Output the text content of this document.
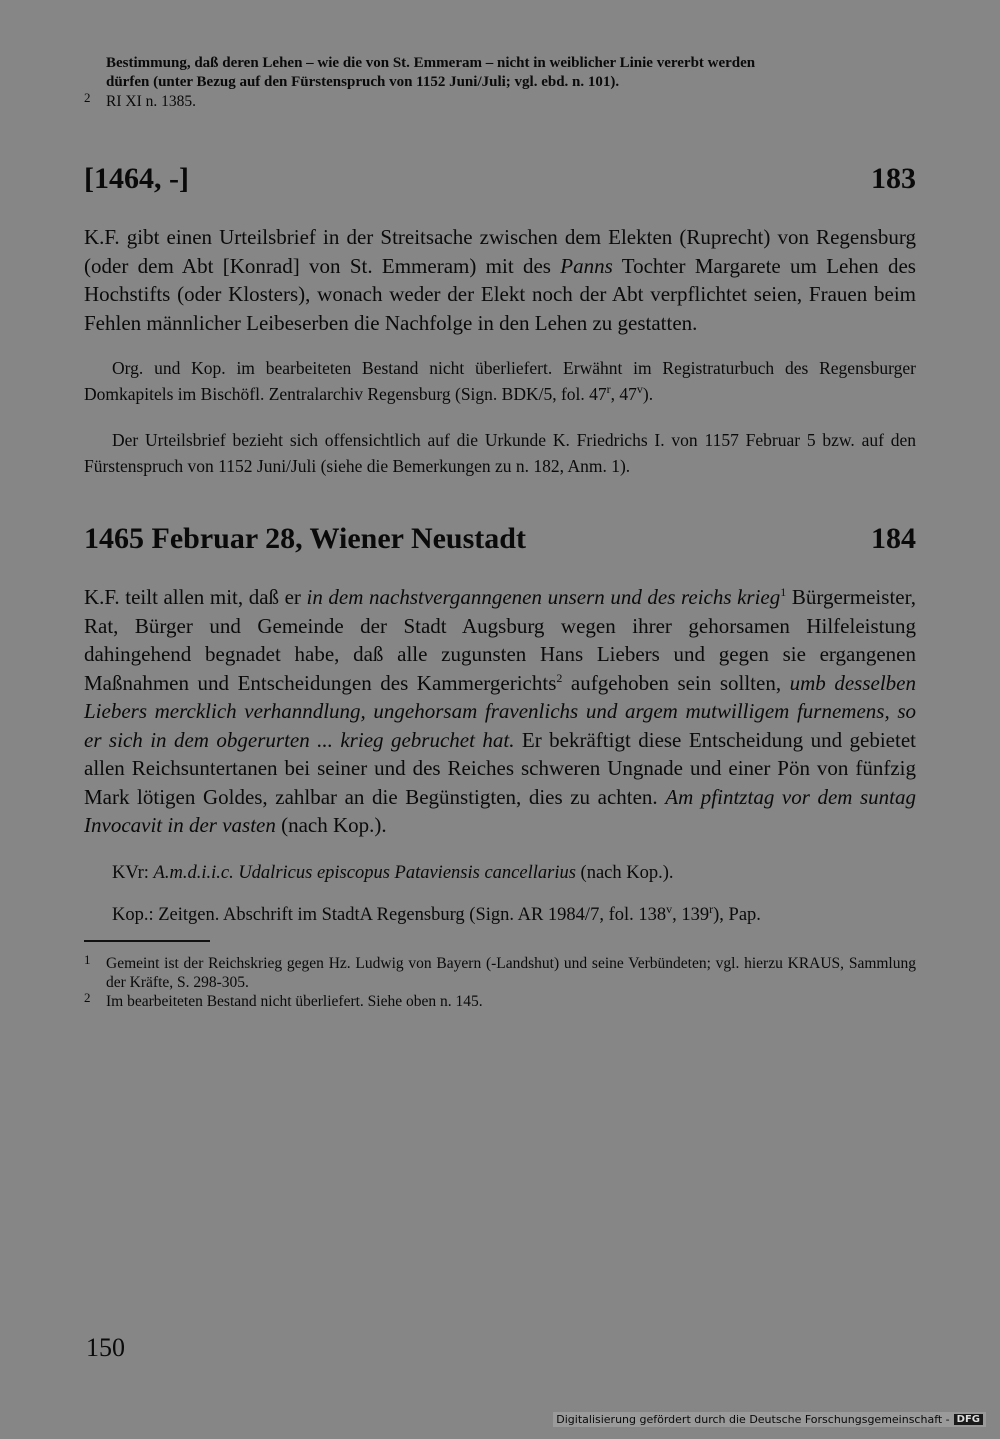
Bestimmung, daß deren Lehen – wie die von St. Emmeram – nicht in weiblicher Linie vererbt werden
dürfen (unter Bezug auf den Fürstenspruch von 1152 Juni/Juli; vgl. ebd. n. 101).
2 RI XI n. 1385.
[1464, -]	183

K.F. gibt einen Urteilsbrief in der Streitsache zwischen dem Elekten (Ruprecht) von Regensburg (oder dem Abt [Konrad] von St. Emmeram) mit des Panns Tochter Margarete um Lehen des Hochstifts (oder Klosters), wonach weder der Elekt noch der Abt verpflichtet seien, Frauen beim Fehlen männlicher Leibeserben die Nachfolge in den Lehen zu gestatten.

Org. und Kop. im bearbeiteten Bestand nicht überliefert. Erwähnt im Registraturbuch des Regensburger Domkapitels im Bischöfl. Zentralarchiv Regensburg (Sign. BDK/5, fol. 47$^r$, 47$^v$).

Der Urteilsbrief bezieht sich offensichtlich auf die Urkunde K. Friedrichs I. von 1157 Februar 5 bzw. auf den Fürstenspruch von 1152 Juni/Juli (siehe die Bemerkungen zu n. 182, Anm. 1).

1465 Februar 28, Wiener Neustadt	184

K.F. teilt allen mit, daß er in dem nachstverganngenen unsern und des reichs krieg$^1$ Bürgermeister, Rat, Bürger und Gemeinde der Stadt Augsburg wegen ihrer gehorsamen Hilfeleistung dahingehend begnadet habe, daß alle zugunsten Hans Liebers und gegen sie ergangenen Maßnahmen und Entscheidungen des Kammergerichts$^2$ aufgehoben sein sollten, umb desselben Liebers mercklich verhanndlung, ungehorsam fravenlichs und argem mutwilligem furnemens, so er sich in dem obgerurten ... krieg gebruchet hat. Er bekräftigt diese Entscheidung und gebietet allen Reichsuntertanen bei seiner und des Reiches schweren Ungnade und einer Pön von fünfzig Mark lötigen Goldes, zahlbar an die Begünstigten, dies zu achten. Am pfintztag vor dem suntag Invocavit in der vasten (nach Kop.).

KVr: A.m.d.i.i.c. Udalricus episcopus Pataviensis cancellarius (nach Kop.).

Kop.: Zeitgen. Abschrift im StadtA Regensburg (Sign. AR 1984/7, fol. 138$^v$, 139$^r$), Pap.

1 Gemeint ist der Reichskrieg gegen Hz. Ludwig von Bayern (-Landshut) und seine Verbündeten; vgl. hierzu KRAUS, Sammlung der Kräfte, S. 298-305.
2 Im bearbeiteten Bestand nicht überliefert. Siehe oben n. 145.
150
Digitalisierung gefördert durch die Deutsche Forschungsgemeinschaft - DFG
